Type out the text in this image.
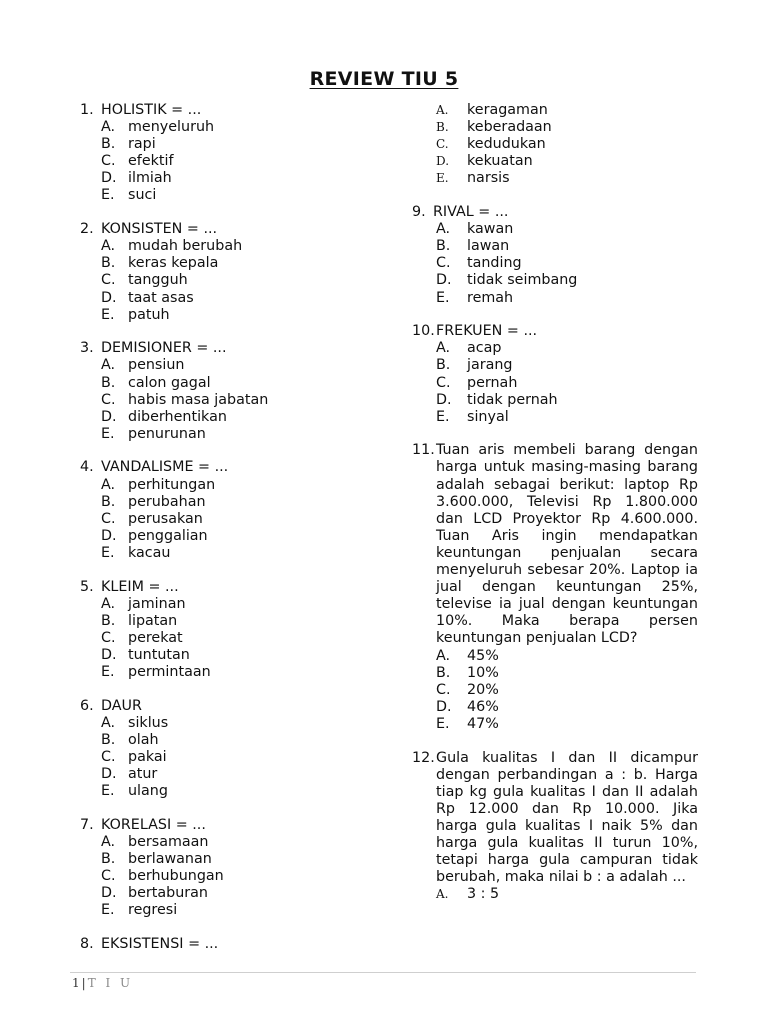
REVIEW TIU 5
1. HOLISTIK = ...
A. menyeluruh
B. rapi
C. efektif
D. ilmiah
E. suci
2. KONSISTEN = ...
A. mudah berubah
B. keras kepala
C. tangguh
D. taat asas
E. patuh
3. DEMISIONER = ...
A. pensiun
B. calon gagal
C. habis masa jabatan
D. diberhentikan
E. penurunan
4. VANDALISME = ...
A. perhitungan
B. perubahan
C. perusakan
D. penggalian
E. kacau
5. KLEIM = ...
A. jaminan
B. lipatan
C. perekat
D. tuntutan
E. permintaan
6. DAUR
A. siklus
B. olah
C. pakai
D. atur
E. ulang
7. KORELASI = ...
A. bersamaan
B. berlawanan
C. berhubungan
D. bertaburan
E. regresi
8. EKSISTENSI = ...
A.	keragaman
B.	keberadaan
C.	kedudukan
D.	kekuatan
E.	narsis
9. RIVAL = ...
A.	kawan
B.	lawan
C.	tanding
D.	tidak seimbang
E.	remah
10. FREKUEN = ...
A.	acap
B.	jarang
C.	pernah
D.	tidak pernah
E.	sinyal
11. Tuan aris membeli barang dengan harga untuk masing-masing barang adalah sebagai berikut: laptop Rp 3.600.000, Televisi Rp 1.800.000 dan LCD Proyektor Rp 4.600.000. Tuan Aris ingin mendapatkan keuntungan penjualan secara menyeluruh sebesar 20%. Laptop ia jual dengan keuntungan 25%, televise ia jual dengan keuntungan 10%. Maka berapa persen keuntungan penjualan LCD?
A.	45%
B.	10%
C.	20%
D.	46%
E.	47%
12. Gula kualitas I dan II dicampur dengan perbandingan a : b. Harga tiap kg gula kualitas I dan II adalah Rp 12.000 dan Rp 10.000. Jika harga gula kualitas I naik 5% dan harga gula kualitas II turun 10%, tetapi harga gula campuran tidak berubah, maka nilai b : a adalah ...
A.	3 : 5
1 | T I U
